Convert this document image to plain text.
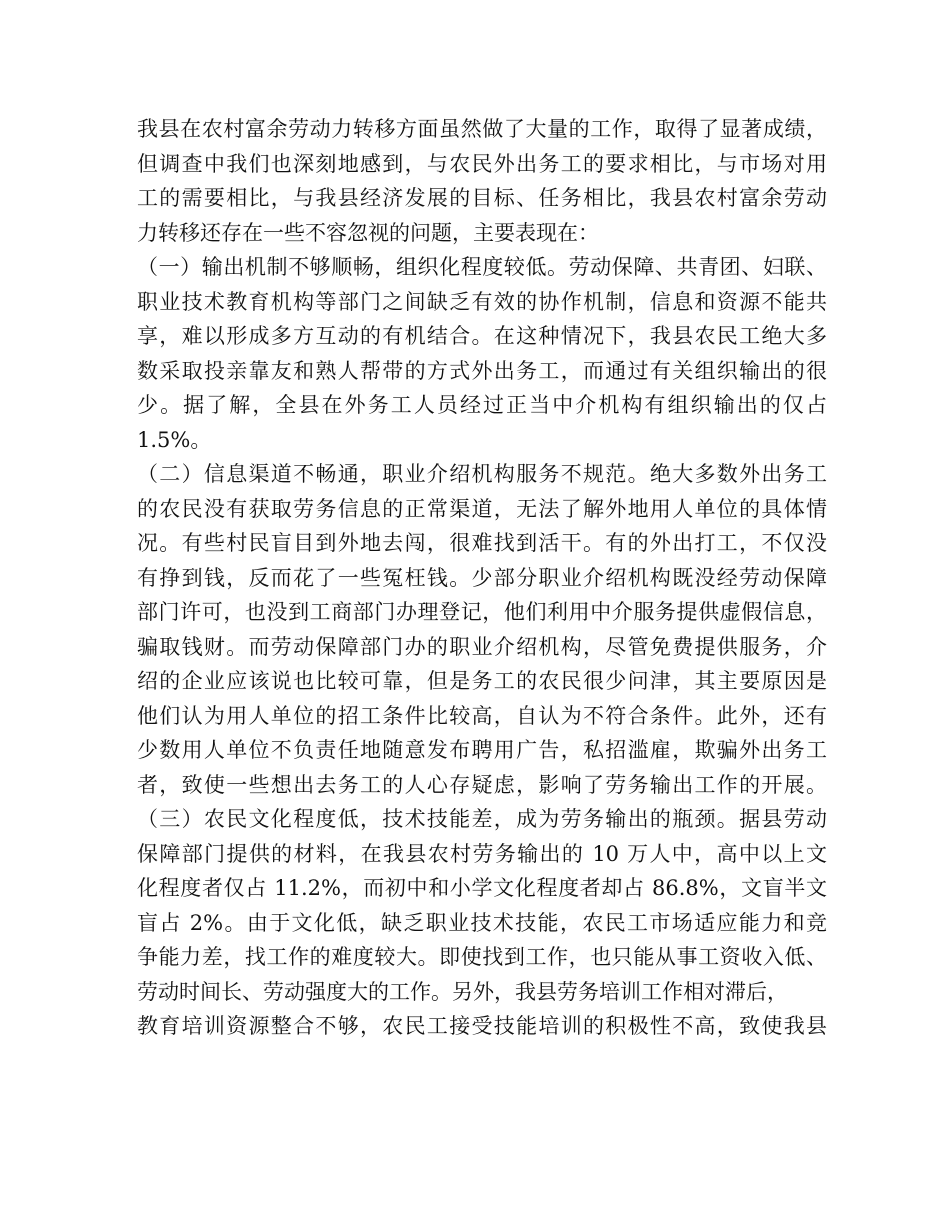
我县在农村富余劳动力转移方面虽然做了大量的工作，取得了显著成绩，
但调查中我们也深刻地感到，与农民外出务工的要求相比，与市场对用
工的需要相比，与我县经济发展的目标、任务相比，我县农村富余劳动
力转移还存在一些不容忽视的问题，主要表现在：
（一）输出机制不够顺畅，组织化程度较低。劳动保障、共青团、妇联、
职业技术教育机构等部门之间缺乏有效的协作机制，信息和资源不能共
享，难以形成多方互动的有机结合。在这种情况下，我县农民工绝大多
数采取投亲靠友和熟人帮带的方式外出务工，而通过有关组织输出的很
少。据了解，全县在外务工人员经过正当中介机构有组织输出的仅占
1.5%。
（二）信息渠道不畅通，职业介绍机构服务不规范。绝大多数外出务工
的农民没有获取劳务信息的正常渠道，无法了解外地用人单位的具体情
况。有些村民盲目到外地去闯，很难找到活干。有的外出打工，不仅没
有挣到钱，反而花了一些冤枉钱。少部分职业介绍机构既没经劳动保障
部门许可，也没到工商部门办理登记，他们利用中介服务提供虚假信息，
骗取钱财。而劳动保障部门办的职业介绍机构，尽管免费提供服务，介
绍的企业应该说也比较可靠，但是务工的农民很少问津，其主要原因是
他们认为用人单位的招工条件比较高，自认为不符合条件。此外，还有
少数用人单位不负责任地随意发布聘用广告，私招滥雇，欺骗外出务工
者，致使一些想出去务工的人心存疑虑，影响了劳务输出工作的开展。
（三）农民文化程度低，技术技能差，成为劳务输出的瓶颈。据县劳动
保障部门提供的材料，在我县农村劳务输出的 10 万人中，高中以上文
化程度者仅占 11.2%，而初中和小学文化程度者却占 86.8%，文盲半文
盲占 2%。由于文化低，缺乏职业技术技能，农民工市场适应能力和竞
争能力差，找工作的难度较大。即使找到工作，也只能从事工资收入低、
劳动时间长、劳动强度大的工作。另外，我县劳务培训工作相对滞后，
教育培训资源整合不够，农民工接受技能培训的积极性不高，致使我县
